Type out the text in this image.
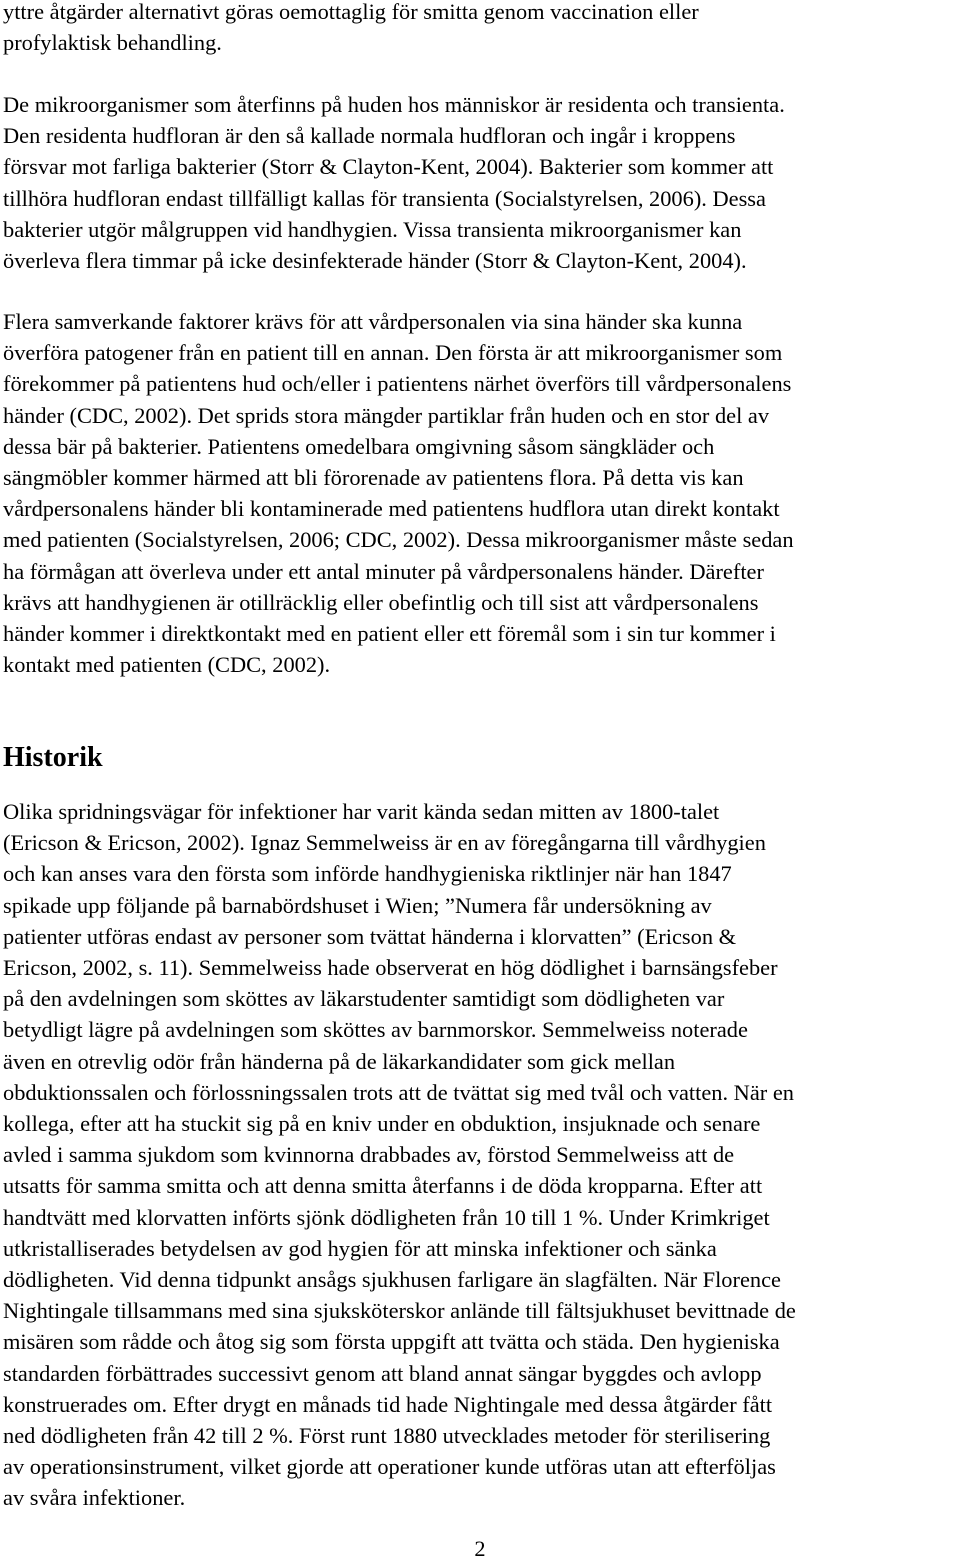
yttre åtgärder alternativt göras oemottaglig för smitta genom vaccination eller
profylaktisk behandling.
De mikroorganismer som återfinns på huden hos människor är residenta och transienta.
Den residenta hudfloran är den så kallade normala hudfloran och ingår i kroppens
försvar mot farliga bakterier (Storr & Clayton-Kent, 2004). Bakterier som kommer att
tillhöra hudfloran endast tillfälligt kallas för transienta (Socialstyrelsen, 2006). Dessa
bakterier utgör målgruppen vid handhygien. Vissa transienta mikroorganismer kan
överleva flera timmar på icke desinfekterade händer (Storr & Clayton-Kent, 2004).
Flera samverkande faktorer krävs för att vårdpersonalen via sina händer ska kunna
överföra patogener från en patient till en annan. Den första är att mikroorganismer som
förekommer på patientens hud och/eller i patientens närhet överförs till vårdpersonalens
händer (CDC, 2002). Det sprids stora mängder partiklar från huden och en stor del av
dessa bär på bakterier. Patientens omedelbara omgivning såsom sängkläder och
sängmöbler kommer härmed att bli förorenade av patientens flora. På detta vis kan
vårdpersonalens händer bli kontaminerade med patientens hudflora utan direkt kontakt
med patienten (Socialstyrelsen, 2006; CDC, 2002). Dessa mikroorganismer måste sedan
ha förmågan att överleva under ett antal minuter på vårdpersonalens händer. Därefter
krävs att handhygienen är otillräcklig eller obefintlig och till sist att vårdpersonalens
händer kommer i direktkontakt med en patient eller ett föremål som i sin tur kommer i
kontakt med patienten (CDC, 2002).
Historik
Olika spridningsvägar för infektioner har varit kända sedan mitten av 1800-talet
(Ericson & Ericson, 2002). Ignaz Semmelweiss är en av föregångarna till vårdhygien
och kan anses vara den första som införde handhygieniska riktlinjer när han 1847
spikade upp följande på barnabördshuset i Wien; ”Numera får undersökning av
patienter utföras endast av personer som tvättat händerna i klorvatten” (Ericson &
Ericson, 2002, s. 11). Semmelweiss hade observerat en hög dödlighet i barnsängsfeber
på den avdelningen som sköttes av läkarstudenter samtidigt som dödligheten var
betydligt lägre på avdelningen som sköttes av barnmorskor. Semmelweiss noterade
även en otrevlig odör från händerna på de läkarkandidater som gick mellan
obduktionssalen och förlossningssalen trots att de tvättat sig med tvål och vatten. När en
kollega, efter att ha stuckit sig på en kniv under en obduktion, insjuknade och senare
avled i samma sjukdom som kvinnorna drabbades av, förstod Semmelweiss att de
utsatts för samma smitta och att denna smitta återfanns i de döda kropparna. Efter att
handtvätt med klorvatten införts sjönk dödligheten från 10 till 1 %. Under Krimkriget
utkristalliserades betydelsen av god hygien för att minska infektioner och sänka
dödligheten. Vid denna tidpunkt ansågs sjukhusen farligare än slagfälten. När Florence
Nightingale tillsammans med sina sjuksköterskor anlände till fältsjukhuset bevittnade de
misären som rådde och åtog sig som första uppgift att tvätta och städa. Den hygieniska
standarden förbättrades successivt genom att bland annat sängar byggdes och avlopp
konstruerades om. Efter drygt en månads tid hade Nightingale med dessa åtgärder fått
ned dödligheten från 42 till 2 %. Först runt 1880 utvecklades metoder för sterilisering
av operationsinstrument, vilket gjorde att operationer kunde utföras utan att efterföljas
av svåra infektioner.
2
